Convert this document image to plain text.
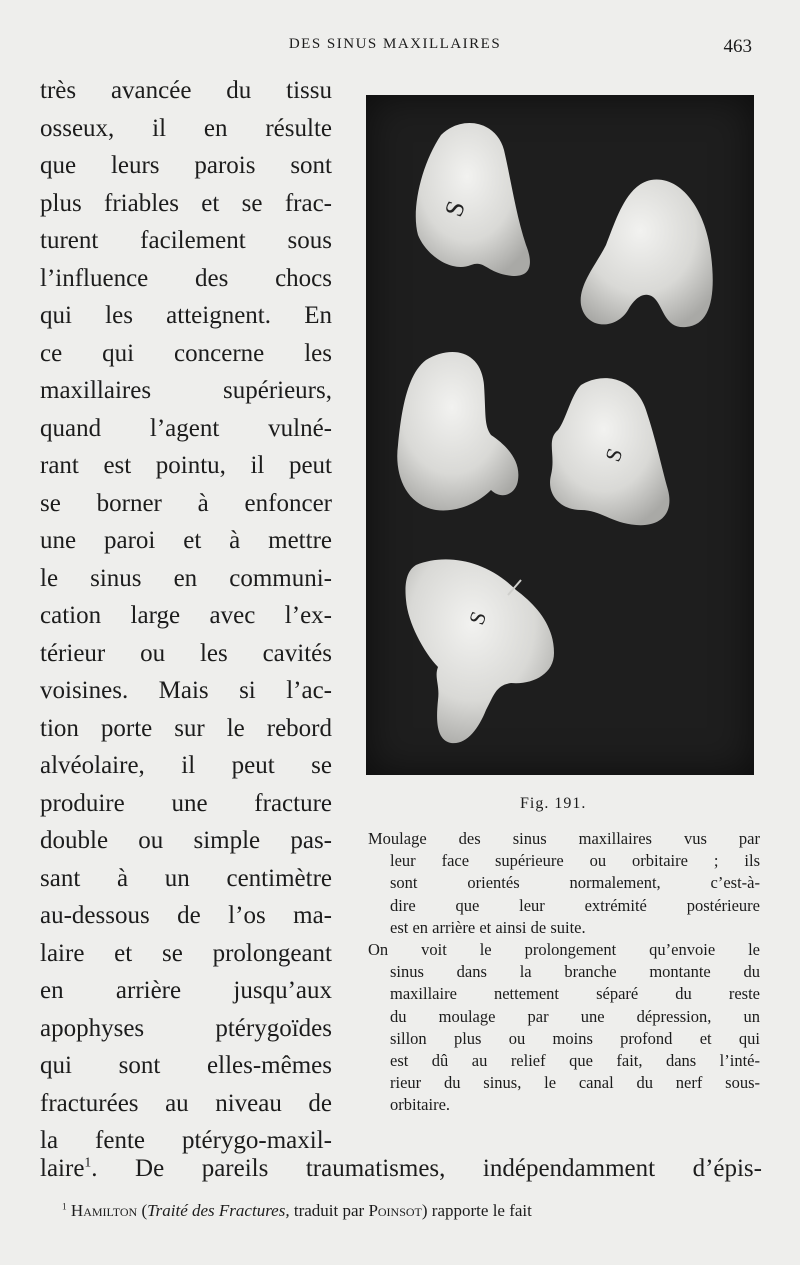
DES SINUS MAXILLAIRES	463
très avancée du tissu
osseux, il en résulte
que leurs parois sont
plus friables et se frac-
turent facilement sous
l’influence des chocs
qui les atteignent. En
ce qui concerne les
maxillaires supérieurs,
quand l’agent vulné-
rant est pointu, il peut
se borner à enfoncer
une paroi et à mettre
le sinus en communi-
cation large avec l’ex-
térieur ou les cavités
voisines. Mais si l’ac-
tion porte sur le rebord
alvéolaire, il peut se
produire une fracture
double ou simple pas-
sant à un centimètre
au-dessous de l’os ma-
laire et se prolongeant
en arrière jusqu’aux
apophyses ptérygoïdes
qui sont elles-mêmes
fracturées au niveau de
la fente ptérygo-maxil-
S
S
S
Fig. 191.
Moulage des sinus maxillaires vus par
leur face supérieure ou orbitaire ; ils
sont orientés normalement, c’est-à-
dire que leur extrémité postérieure
est en arrière et ainsi de suite.
On voit le prolongement qu’envoie le
sinus dans la branche montante du
maxillaire nettement séparé du reste
du moulage par une dépression, un
sillon plus ou moins profond et qui
est dû au relief que fait, dans l’inté-
rieur du sinus, le canal du nerf sous-
orbitaire.
laire$^1$. De pareils traumatismes, indépendamment d’épis-
$^1$ Hamilton (Traité des Fractures, traduit par Poinsot) rapporte le fait
